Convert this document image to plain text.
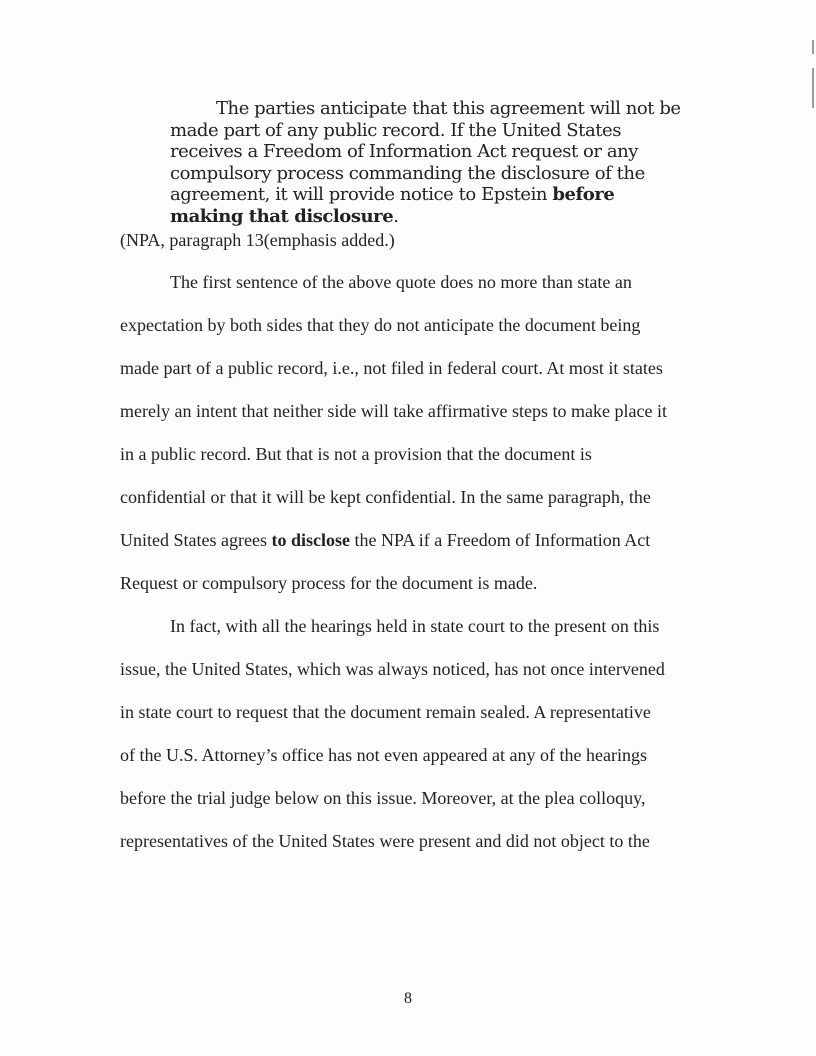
The parties anticipate that this agreement will not be made part of any public record. If the United States receives a Freedom of Information Act request or any compulsory process commanding the disclosure of the agreement, it will provide notice to Epstein before making that disclosure.

(NPA, paragraph 13(emphasis added.)

The first sentence of the above quote does no more than state an
expectation by both sides that they do not anticipate the document being
made part of a public record, i.e., not filed in federal court. At most it states
merely an intent that neither side will take affirmative steps to make place it
in a public record. But that is not a provision that the document is
confidential or that it will be kept confidential. In the same paragraph, the
United States agrees to disclose the NPA if a Freedom of Information Act
Request or compulsory process for the document is made.
In fact, with all the hearings held in state court to the present on this
issue, the United States, which was always noticed, has not once intervened
in state court to request that the document remain sealed. A representative
of the U.S. Attorney’s office has not even appeared at any of the hearings
before the trial judge below on this issue. Moreover, at the plea colloquy,
representatives of the United States were present and did not object to the

8
